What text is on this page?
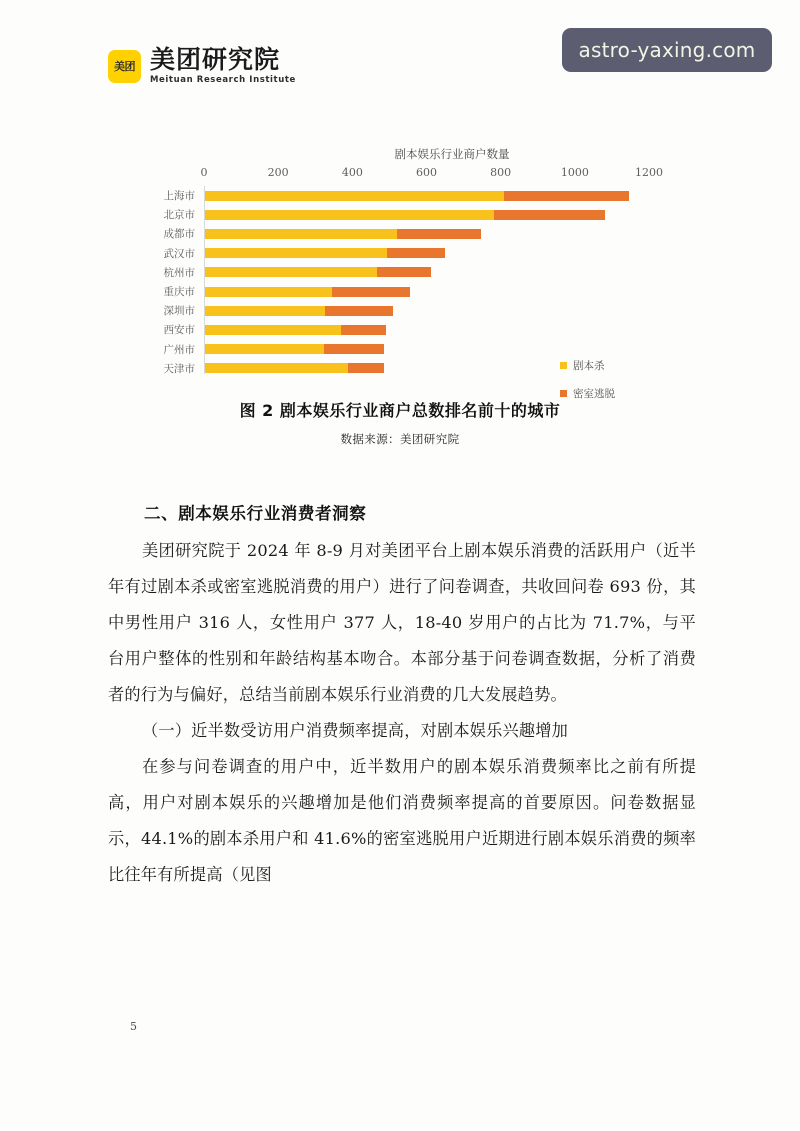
astro-yaxing.com
美团 美团研究院
Meituan Research Institute
剧本娱乐行业商户数量
0	200	400	600	800	1000	1200
上海市
北京市
成都市
武汉市
杭州市
重庆市
深圳市
西安市
广州市
天津市	剧本杀
密室逃脱
图 2 剧本娱乐行业商户总数排名前十的城市
数据来源：美团研究院
二、剧本娱乐行业消费者洞察

美团研究院于 2024 年 8-9 月对美团平台上剧本娱乐消费的活跃用户（近半年有过剧本杀或密室逃脱消费的用户）进行了问卷调查，共收回问卷 693 份，其中男性用户 316 人，女性用户 377 人，18-40 岁用户的占比为 71.7%，与平台用户整体的性别和年龄结构基本吻合。本部分基于问卷调查数据，分析了消费者的行为与偏好，总结当前剧本娱乐行业消费的几大发展趋势。

（一）近半数受访用户消费频率提高，对剧本娱乐兴趣增加

在参与问卷调查的用户中，近半数用户的剧本娱乐消费频率比之前有所提高，用户对剧本娱乐的兴趣增加是他们消费频率提高的首要原因。问卷数据显示，44.1%的剧本杀用户和 41.6%的密室逃脱用户近期进行剧本娱乐消费的频率比往年有所提高（见图

5
